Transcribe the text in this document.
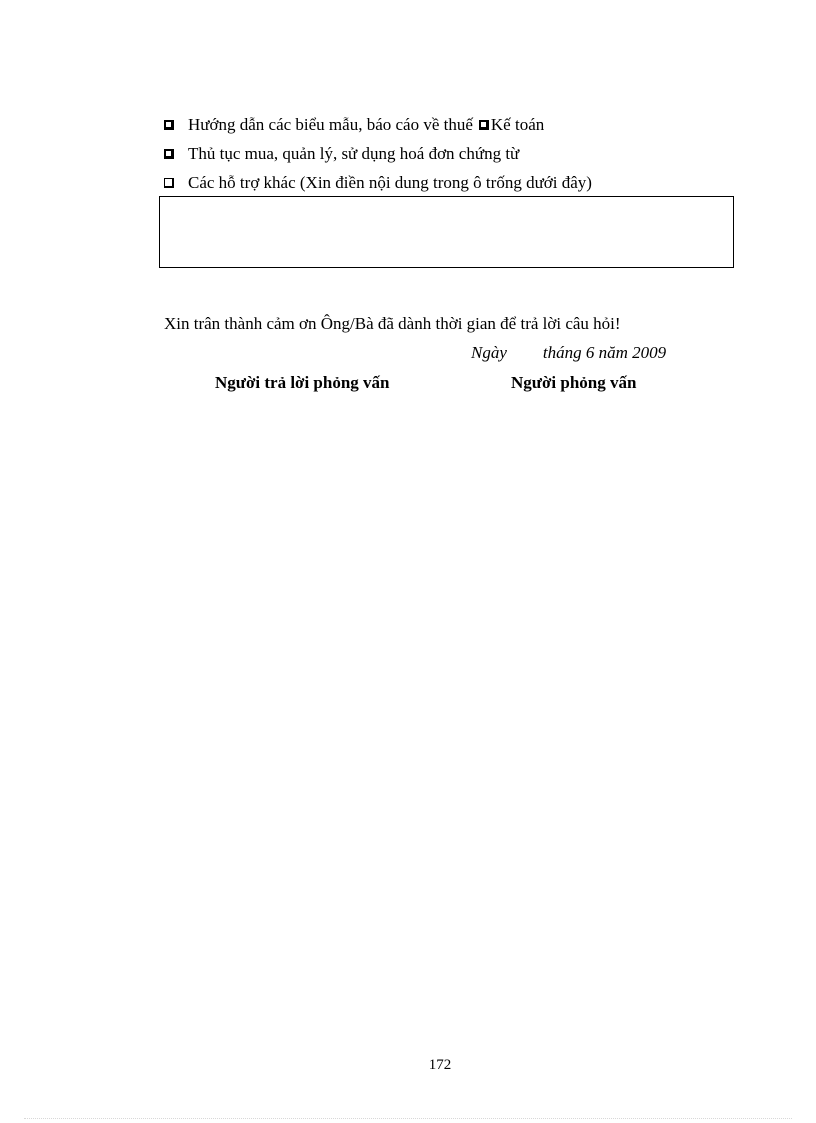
Hướng dẫn các biểu mẫu, báo cáo về thuế Kế toán
Thủ tục mua, quản lý, sử dụng hoá đơn chứng từ
Các hỗ trợ khác (Xin điền nội dung trong ô trống dưới đây)
Xin trân thành cảm ơn Ông/Bà đã dành thời gian để trả lời câu hỏi!
Ngày tháng 6 năm 2009
Người trả lời phỏng vấn	Người phỏng vấn
172
